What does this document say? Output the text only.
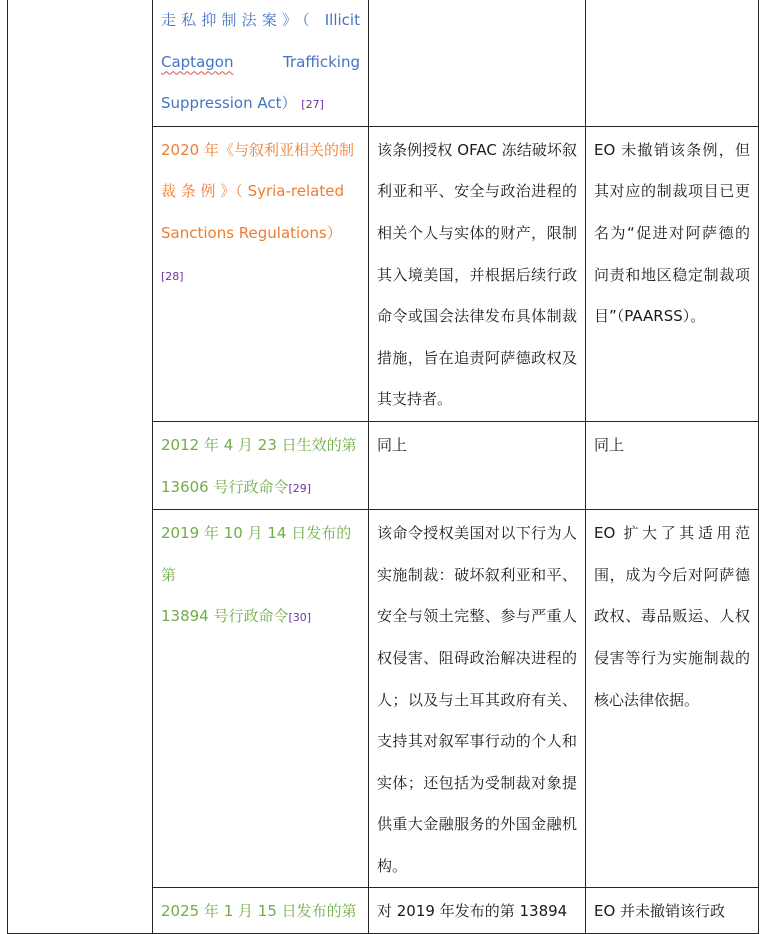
	走私抑制法案》（ Illicit
Captagon Trafficking
Suppression Act） [27]		

	2020 年《与叙利亚相关的制
裁 条 例 》（ Syria-related
Sanctions Regulations） [28]	该条例授权 OFAC 冻结破坏叙利亚和平、安全与政治进程的相关个人与实体的财产，限制其入境美国，并根据后续行政命令或国会法律发布具体制裁措施，旨在追责阿萨德政权及其支持者。	EO 未撤销该条例，但其对应的制裁项目已更名为“促进对阿萨德的问责和地区稳定制裁项目”（PAARSS）。

	2012 年 4 月 23 日生效的第
13606 号行政命令[29]	同上	同上

	2019 年 10 月 14 日发布的第
13894 号行政命令[30]	该命令授权美国对以下行为人实施制裁：破坏叙利亚和平、安全与领土完整、参与严重人权侵害、阻碍政治解决进程的人；以及与土耳其政府有关、支持其对叙军事行动的个人和实体；还包括为受制裁对象提供重大金融服务的外国金融机构。	EO 扩大了其适用范围，成为今后对阿萨德政权、毒品贩运、人权侵害等行为实施制裁的核心法律依据。

	2025 年 1 月 15 日发布的第	对 2019 年发布的第 13894	EO 并未撤销该行政
